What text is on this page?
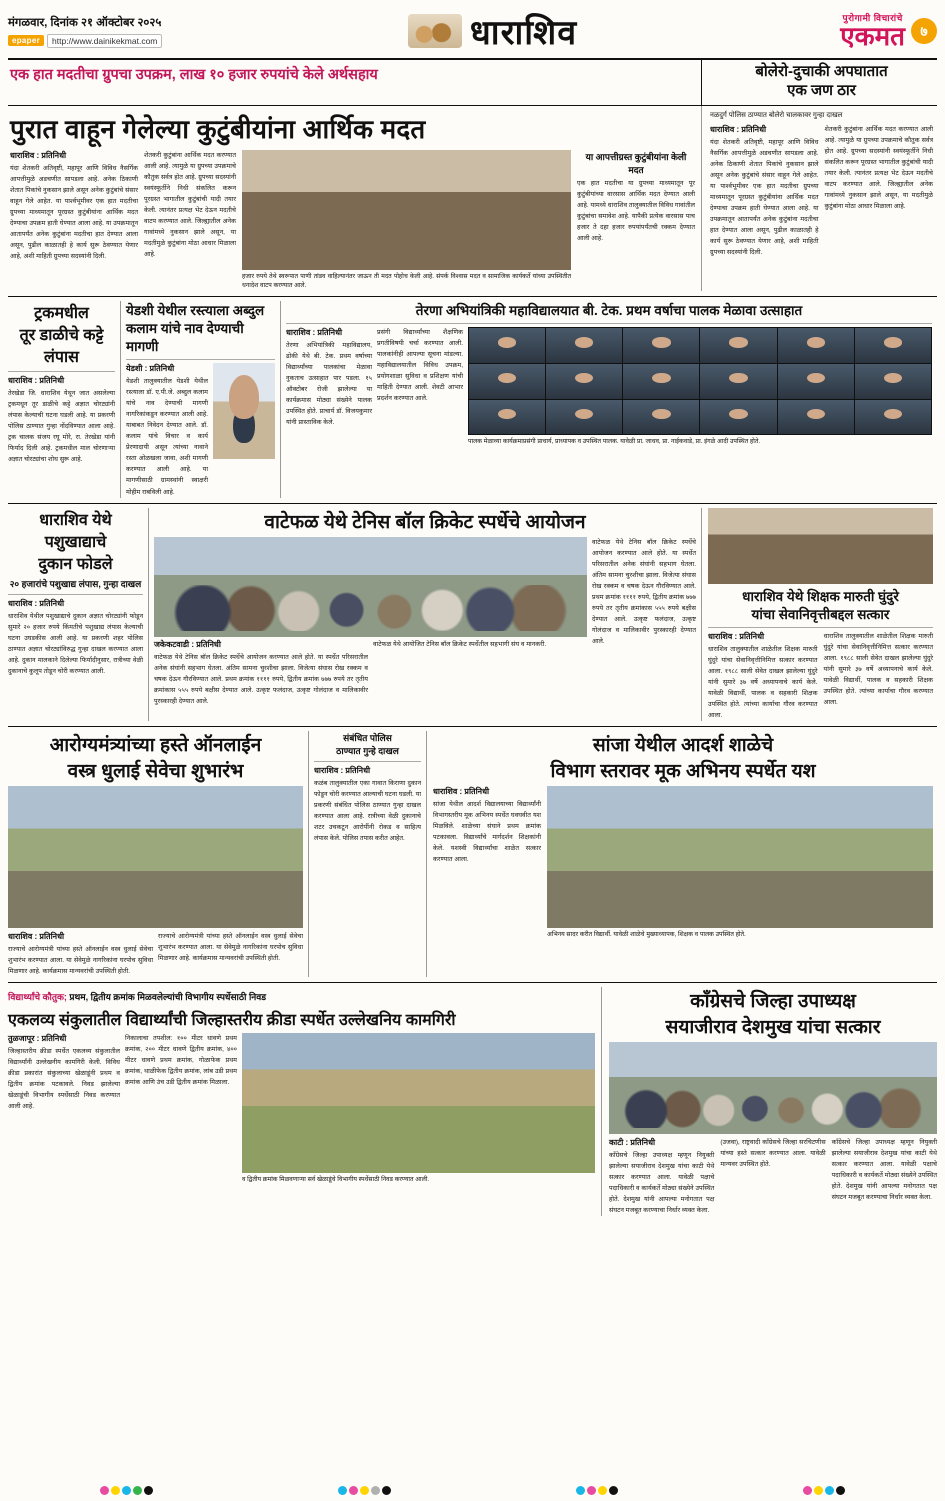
मंगळवार, दिनांक २१ ऑक्टोबर २०२५
epaper	http://www.dainikekmat.com	धाराशिव	पुरोगामी विचारांचे
एकमत	७
एक हात मदतीचा ग्रुपचा उपक्रम, लाख १० हजार रुपयांचे केले अर्थसहाय	बोलेरो-दुचाकी अपघातात
एक जण ठार
पुरात वाहून गेलेल्या कुटुंबीयांना आर्थिक मदत
धाराशिव : प्रतिनिधी
यंदा शेतकरी अतिवृष्टी, महापूर आणि विविध नैसर्गिक आपत्तीमुळे अडचणीत सापडला आहे. अनेक ठिकाणी शेतात पिकांचे नुकसान झाले असून अनेक कुटुंबांचे संसार वाहून गेले आहेत. या पार्श्वभूमीवर एक हात मदतीचा ग्रुपच्या माध्यमातून पूरग्रस्त कुटुंबीयांना आर्थिक मदत देण्याचा उपक्रम हाती घेण्यात आला आहे. या उपक्रमातून आतापर्यंत अनेक कुटुंबांना मदतीचा हात देण्यात आला असून, पुढील काळातही हे कार्य सुरू ठेवण्यात येणार आहे, अशी माहिती ग्रुपच्या सदस्यांनी दिली.
शेतकरी कुटुंबांना आर्थिक मदत करण्यात आली आहे. त्यामुळे या ग्रुपच्या उपक्रमाचे कौतुक सर्वत्र होत आहे. ग्रुपच्या सदस्यांनी स्वयंस्फूर्तीने निधी संकलित करून पूरग्रस्त भागातील कुटुंबांची यादी तयार केली. त्यानंतर प्रत्यक्ष भेट देऊन मदतीचे वाटप करण्यात आले. जिल्ह्यातील अनेक गावांमध्ये नुकसान झाले असून, या मदतीमुळे कुटुंबांना मोठा आधार मिळाला आहे.
हजार रुपये तेथे स्वरूपात पाणी तांडव वाहिल्यानंतर जाऊन ती मदत पोहोच केली आहे. संपर्क विश्वास मदत व सामाजिक कार्यकर्ते यांच्या उपस्थितीत धनादेश वाटप करण्यात आले.
या आपत्तीग्रस्त कुटुंबीयांना केली मदत
एक हात मदतीचा या ग्रुपच्या माध्यमातून पूर कुटुंबीयांच्या वारसास आर्थिक मदत देण्यात आली आहे. यामध्ये धाराशिव तालुक्यातील विविध गावांतील कुटुंबांचा समावेश आहे. यापैकी प्रत्येक वारसास पाच हजार ते दहा हजार रुपयांपर्यंतची रक्कम देण्यात आली आहे.
नळदुर्ग पोलिस ठाण्यात बोलेरो चालकावर गुन्हा दाखल
धाराशिव : प्रतिनिधी
यंदा शेतकरी अतिवृष्टी, महापूर आणि विविध नैसर्गिक आपत्तीमुळे अडचणीत सापडला आहे. अनेक ठिकाणी शेतात पिकांचे नुकसान झाले असून अनेक कुटुंबांचे संसार वाहून गेले आहेत. या पार्श्वभूमीवर एक हात मदतीचा ग्रुपच्या माध्यमातून पूरग्रस्त कुटुंबीयांना आर्थिक मदत देण्याचा उपक्रम हाती घेण्यात आला आहे. या उपक्रमातून आतापर्यंत अनेक कुटुंबांना मदतीचा हात देण्यात आला असून, पुढील काळातही हे कार्य सुरू ठेवण्यात येणार आहे, अशी माहिती ग्रुपच्या सदस्यांनी दिली.
शेतकरी कुटुंबांना आर्थिक मदत करण्यात आली आहे. त्यामुळे या ग्रुपच्या उपक्रमाचे कौतुक सर्वत्र होत आहे. ग्रुपच्या सदस्यांनी स्वयंस्फूर्तीने निधी संकलित करून पूरग्रस्त भागातील कुटुंबांची यादी तयार केली. त्यानंतर प्रत्यक्ष भेट देऊन मदतीचे वाटप करण्यात आले. जिल्ह्यातील अनेक गावांमध्ये नुकसान झाले असून, या मदतीमुळे कुटुंबांना मोठा आधार मिळाला आहे.
ट्रकमधील
तूर डाळीचे कट्टे
लंपास
धाराशिव : प्रतिनिधी
तेरखेडा जि. धाराशिव येथून जात असलेल्या ट्रकमधून तूर डाळीचे कट्टे अज्ञात चोरट्यांनी लंपास केल्याची घटना घडली आहे. या प्रकरणी पोलिस ठाण्यात गुन्हा नोंदविण्यात आला आहे. ट्रक चालक संजय रघू मोरे, रा. तेरखेडा यांनी फिर्याद दिली आहे. ट्रकमधील माल चोरणाऱ्या अज्ञात चोरट्यांचा शोध सुरू आहे.
येडशी येथील रस्त्याला अब्दुल कलाम यांचे नाव देण्याची मागणी
येडशी : प्रतिनिधी
येडशी तालुक्यातील येडशी येथील रस्त्याला डॉ. ए.पी.जे. अब्दुल कलाम यांचे नाव देण्याची मागणी नागरिकांकडून करण्यात आली आहे. याबाबत निवेदन देण्यात आले. डॉ. कलाम यांचे विचार व कार्य प्रेरणादायी असून त्यांच्या नावाने रस्ता ओळखला जावा, अशी मागणी करण्यात आली आहे. या मागणीसाठी ग्रामस्थांनी स्वाक्षरी मोहीम राबविली आहे.
तेरणा अभियांत्रिकी महाविद्यालयात बी. टेक. प्रथम वर्षाचा पालक मेळावा उत्साहात
धाराशिव : प्रतिनिधी
तेरणा अभियांत्रिकी महाविद्यालय, ढोकी येथे बी. टेक. प्रथम वर्षाच्या विद्यार्थ्यांच्या पालकांचा मेळावा नुकताच उत्साहात पार पडला. १५ ऑक्टोबर रोजी झालेल्या या कार्यक्रमास मोठ्या संख्येने पालक उपस्थित होते. प्राचार्य डॉ. विजयकुमार यांनी प्रास्ताविक केले.
प्रसंगी विद्यार्थ्यांच्या शैक्षणिक प्रगतीविषयी चर्चा करण्यात आली. पालकांनीही आपल्या सूचना मांडल्या. महाविद्यालयातील विविध उपक्रम, प्रयोगशाळा सुविधा व प्रशिक्षण यांची माहिती देण्यात आली. शेवटी आभार प्रदर्शन करण्यात आले.
पालक मेळाव्या कार्यक्रमाप्रसंगी प्राचार्य, प्राध्यापक व उपस्थित पालक. यावेळी प्रा. जाधव, प्रा. नाईकवाडे, प्रा. इंगळे आदी उपस्थित होते.
धाराशिव येथे पशुखाद्याचे
दुकान फोडले
२० हजारांचे पशुखाद्य लंपास, गुन्हा दाखल
धाराशिव : प्रतिनिधी
धाराशिव येथील पशुखाद्याचे दुकान अज्ञात चोरट्यांनी फोडून सुमारे २० हजार रुपये किंमतीचे पशुखाद्य लंपास केल्याची घटना उघडकीस आली आहे. या प्रकरणी शहर पोलिस ठाण्यात अज्ञात चोरट्यांविरुद्ध गुन्हा दाखल करण्यात आला आहे. दुकान मालकाने दिलेल्या फिर्यादीनुसार, रात्रीच्या वेळी दुकानाचे कुलूप तोडून चोरी करण्यात आली.
वाटेफळ येथे टेनिस बॉल क्रिकेट स्पर्धेचे आयोजन
जकेकटवाडी : प्रतिनिधी
वाटेफळ येथे टेनिस बॉल क्रिकेट स्पर्धेचे आयोजन करण्यात आले होते. या स्पर्धेत परिसरातील अनेक संघांनी सहभाग घेतला. अंतिम सामना चुरशीचा झाला. विजेत्या संघास रोख रक्कम व चषक देऊन गौरविण्यात आले. प्रथम क्रमांक ११११ रुपये, द्वितीय क्रमांक ७७७ रुपये तर तृतीय क्रमांकास ५५५ रुपये बक्षीस देण्यात आले. उत्कृष्ट फलंदाज, उत्कृष्ट गोलंदाज व मालिकावीर पुरस्कारही देण्यात आले.
वाटेफळ येथे आयोजित टेनिस बॉल क्रिकेट स्पर्धेतील सहभागी संघ व मानकरी.
वाटेफळ येथे टेनिस बॉल क्रिकेट स्पर्धेचे आयोजन करण्यात आले होते. या स्पर्धेत परिसरातील अनेक संघांनी सहभाग घेतला. अंतिम सामना चुरशीचा झाला. विजेत्या संघास रोख रक्कम व चषक देऊन गौरविण्यात आले. प्रथम क्रमांक ११११ रुपये, द्वितीय क्रमांक ७७७ रुपये तर तृतीय क्रमांकास ५५५ रुपये बक्षीस देण्यात आले. उत्कृष्ट फलंदाज, उत्कृष्ट गोलंदाज व मालिकावीर पुरस्कारही देण्यात आले.
धाराशिव येथे शिक्षक मारुती घुंदुरे
यांचा सेवानिवृत्तीबद्दल सत्कार
धाराशिव : प्रतिनिधी
धाराशिव तालुक्यातील शाळेतील शिक्षक मारुती घुंदुरे यांचा सेवानिवृत्तीनिमित्त सत्कार करण्यात आला. १९८८ साली सेवेत दाखल झालेल्या घुंदुरे यांनी सुमारे ३७ वर्षे अध्यापनाचे कार्य केले. यावेळी विद्यार्थी, पालक व सहकारी शिक्षक उपस्थित होते. त्यांच्या कार्याचा गौरव करण्यात आला.
धाराशिव तालुक्यातील शाळेतील शिक्षक मारुती घुंदुरे यांचा सेवानिवृत्तीनिमित्त सत्कार करण्यात आला. १९८८ साली सेवेत दाखल झालेल्या घुंदुरे यांनी सुमारे ३७ वर्षे अध्यापनाचे कार्य केले. यावेळी विद्यार्थी, पालक व सहकारी शिक्षक उपस्थित होते. त्यांच्या कार्याचा गौरव करण्यात आला.
आरोग्यमंत्र्यांच्या हस्ते ऑनलाईन
वस्त्र धुलाई सेवेचा शुभारंभ
धाराशिव : प्रतिनिधी
राज्याचे आरोग्यमंत्री यांच्या हस्ते ऑनलाईन वस्त्र धुलाई सेवेचा शुभारंभ करण्यात आला. या सेवेमुळे नागरिकांना घरपोच सुविधा मिळणार आहे. कार्यक्रमास मान्यवरांची उपस्थिती होती.
राज्याचे आरोग्यमंत्री यांच्या हस्ते ऑनलाईन वस्त्र धुलाई सेवेचा शुभारंभ करण्यात आला. या सेवेमुळे नागरिकांना घरपोच सुविधा मिळणार आहे. कार्यक्रमास मान्यवरांची उपस्थिती होती.
संबंधित पोलिस
ठाण्यात गुन्हे दाखल
धाराशिव : प्रतिनिधी
कळंब तालुक्यातील एका गावात किराणा दुकान फोडून चोरी करण्यात आल्याची घटना घडली. या प्रकरणी संबंधित पोलिस ठाण्यात गुन्हा दाखल करण्यात आला आहे. रात्रीच्या वेळी दुकानाचे शटर उचकटून आरोपींनी रोकड व साहित्य लंपास केले. पोलिस तपास करीत आहेत.
सांजा येथील आदर्श शाळेचे
विभाग स्तरावर मूक अभिनय स्पर्धेत यश
धाराशिव : प्रतिनिधी
सांजा येथील आदर्श विद्यालयाच्या विद्यार्थ्यांनी विभागस्तरीय मूक अभिनय स्पर्धेत घवघवीत यश मिळविले. शाळेच्या संघाने प्रथम क्रमांक पटकावला. विद्यार्थ्यांचे मार्गदर्शन शिक्षकांनी केले. यशस्वी विद्यार्थ्यांचा शाळेत सत्कार करण्यात आला.
अभिनय सादर करीत विद्यार्थी. यावेळी शाळेचे मुख्याध्यापक, शिक्षक व पालक उपस्थित होते.
विद्यार्थ्यांचे कौतुक; प्रथम, द्वितीय क्रमांक मिळवलेल्यांची विभागीय स्पर्धेसाठी निवड
एकलव्य संकुलातील विद्यार्थ्यांची जिल्हास्तरीय क्रीडा स्पर्धेत उल्लेखनिय कामगिरी
तुळजापूर : प्रतिनिधी
जिल्हास्तरीय क्रीडा स्पर्धेत एकलव्य संकुलातील विद्यार्थ्यांनी उल्लेखनीय कामगिरी केली. विविध क्रीडा प्रकारांत संकुलाच्या खेळाडूंनी प्रथम व द्वितीय क्रमांक पटकावले. निवड झालेल्या खेळाडूंची विभागीय स्पर्धेसाठी निवड करण्यात आली आहे.
निकालाचा तपशील: १०० मीटर धावणे प्रथम क्रमांक, २०० मीटर धावणे द्वितीय क्रमांक, ४०० मीटर धावणे प्रथम क्रमांक, गोळाफेक प्रथम क्रमांक, थाळीफेक द्वितीय क्रमांक, लांब उडी प्रथम क्रमांक आणि उंच उडी द्वितीय क्रमांक मिळाला.
व द्वितीय क्रमांक मिळवणाऱ्या सर्व खेळाडूंचे विभागीय स्पर्धेसाठी निवड करण्यात आली.
काँग्रेसचे जिल्हा उपाध्यक्ष
सयाजीराव देशमुख यांचा सत्कार
काटी : प्रतिनिधी
काँग्रेसचे जिल्हा उपाध्यक्ष म्हणून नियुक्ती झालेल्या सयाजीराव देशमुख यांचा काटी येथे सत्कार करण्यात आला. यावेळी पक्षाचे पदाधिकारी व कार्यकर्ते मोठ्या संख्येने उपस्थित होते. देशमुख यांनी आपल्या मनोगतात पक्ष संघटन मजबूत करण्याचा निर्धार व्यक्त केला.
(उजवा), राष्ट्रवादी काँग्रेसचे जिल्हा सरचिटणीस यांच्या हस्ते सत्कार करण्यात आला. यावेळी मान्यवर उपस्थित होते.
काँग्रेसचे जिल्हा उपाध्यक्ष म्हणून नियुक्ती झालेल्या सयाजीराव देशमुख यांचा काटी येथे सत्कार करण्यात आला. यावेळी पक्षाचे पदाधिकारी व कार्यकर्ते मोठ्या संख्येने उपस्थित होते. देशमुख यांनी आपल्या मनोगतात पक्ष संघटन मजबूत करण्याचा निर्धार व्यक्त केला.
